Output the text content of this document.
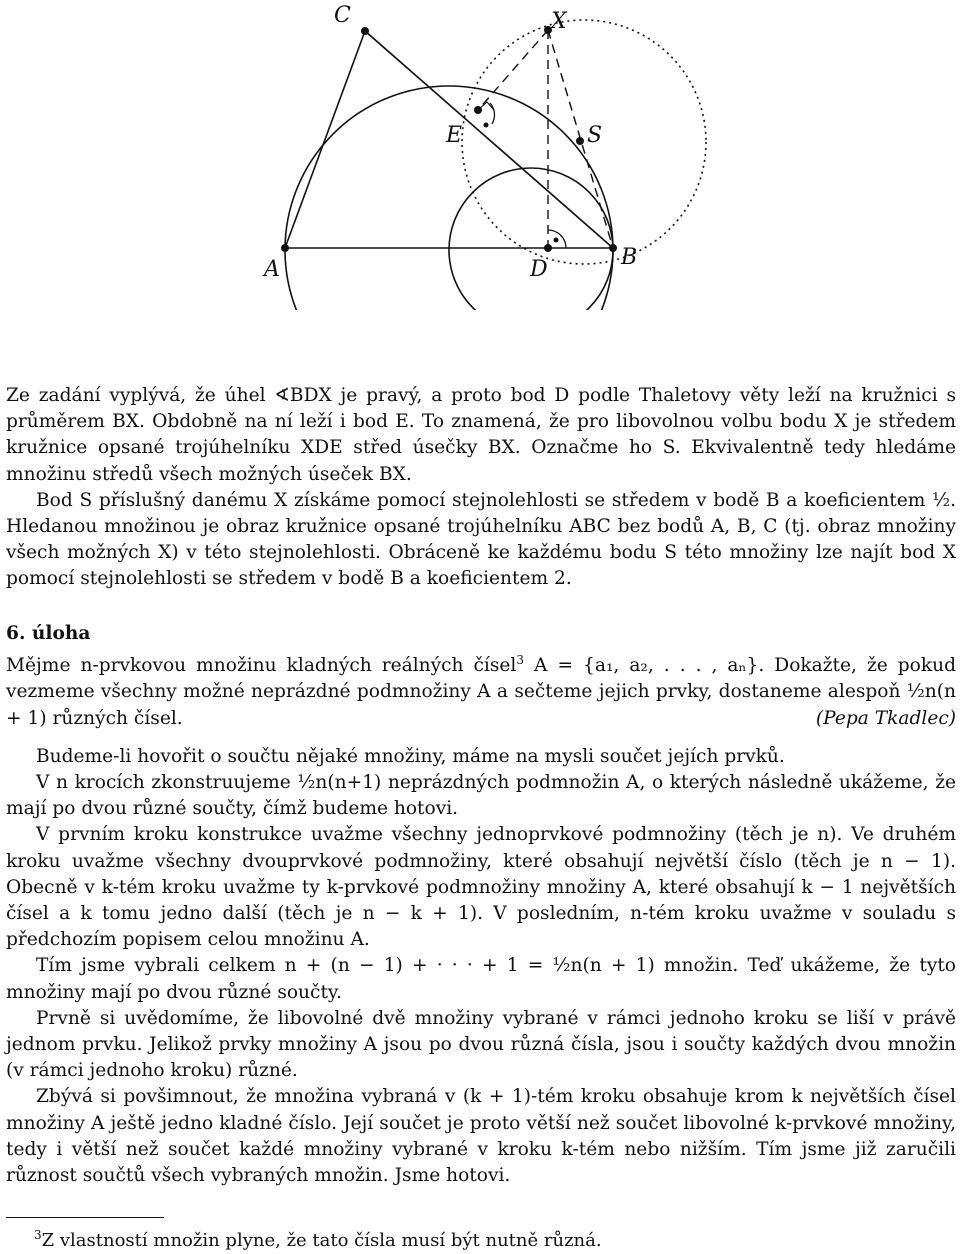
C	X
E	S
A	D	B

Ze zadání vyplývá, že úhel ∢BDX je pravý, a proto bod D podle Thaletovy věty leží na kružnici s průměrem BX. Obdobně na ní leží i bod E. To znamená, že pro libovolnou volbu bodu X je středem kružnice opsané trojúhelníku XDE střed úsečky BX. Označme ho S. Ekvivalentně tedy hledáme množinu středů všech možných úseček BX.

Bod S příslušný danému X získáme pomocí stejnolehlosti se středem v bodě B a koeficientem ½. Hledanou množinou je obraz kružnice opsané trojúhelníku ABC bez bodů A, B, C (tj. obraz množiny všech možných X) v této stejnolehlosti. Obráceně ke každému bodu S této množiny lze najít bod X pomocí stejnolehlosti se středem v bodě B a koeficientem 2.

6. úloha

Mějme n-prvkovou množinu kladných reálných čísel$^3$ A = {a₁, a₂, . . . , aₙ}. Dokažte, že pokud vezmeme všechny možné neprázdné podmnožiny A a sečteme jejich prvky, dostaneme alespoň ½n(n + 1) různých čísel.	(Pepa Tkadlec)

Budeme-li hovořit o součtu nějaké množiny, máme na mysli součet jejích prvků.

V n krocích zkonstruujeme ½n(n+1) neprázdných podmnožin A, o kterých následně ukážeme, že mají po dvou různé součty, čímž budeme hotovi.

V prvním kroku konstrukce uvažme všechny jednoprvkové podmnožiny (těch je n). Ve druhém kroku uvažme všechny dvouprvkové podmnožiny, které obsahují největší číslo (těch je n − 1). Obecně v k-tém kroku uvažme ty k-prvkové podmnožiny množiny A, které obsahují k − 1 největších čísel a k tomu jedno další (těch je n − k + 1). V posledním, n-tém kroku uvažme v souladu s předchozím popisem celou množinu A.

Tím jsme vybrali celkem n + (n − 1) + · · · + 1 = ½n(n + 1) množin. Teď ukážeme, že tyto množiny mají po dvou různé součty.

Prvně si uvědomíme, že libovolné dvě množiny vybrané v rámci jednoho kroku se liší v právě jednom prvku. Jelikož prvky množiny A jsou po dvou různá čísla, jsou i součty každých dvou množin (v rámci jednoho kroku) různé.

Zbývá si povšimnout, že množina vybraná v (k + 1)-tém kroku obsahuje krom k největších čísel množiny A ještě jedno kladné číslo. Její součet je proto větší než součet libovolné k-prvkové množiny, tedy i větší než součet každé množiny vybrané v kroku k-tém nebo nižším. Tím jsme již zaručili různost součtů všech vybraných množin. Jsme hotovi.

$^3$Z vlastností množin plyne, že tato čísla musí být nutně různá.
